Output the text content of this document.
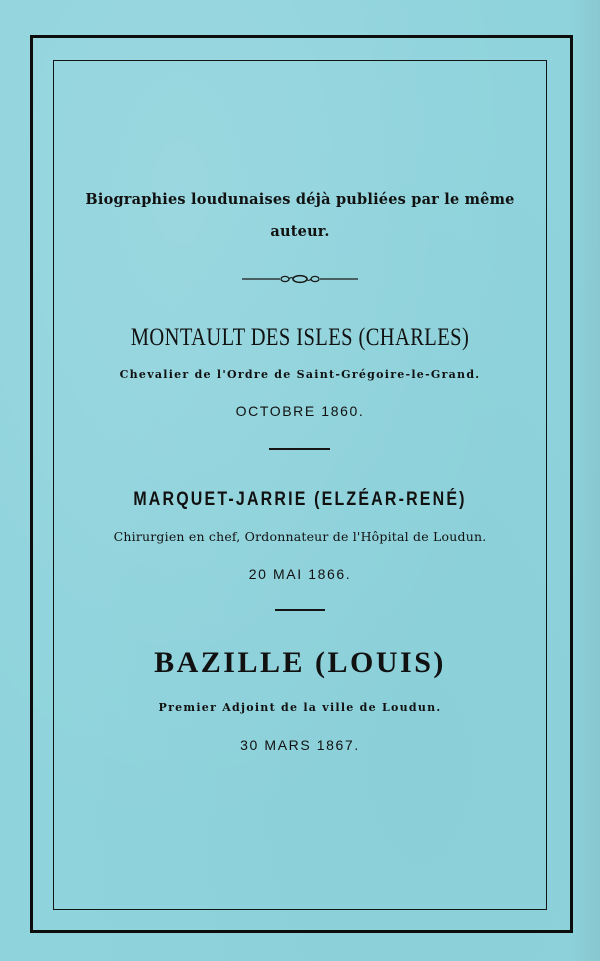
Biographies loudunaises déjà publiées par le même
auteur.
MONTAULT DES ISLES (CHARLES)
Chevalier de l'Ordre de Saint-Grégoire-le-Grand.
OCTOBRE 1860.
MARQUET-JARRIE (ELZÉAR-RENÉ)
Chirurgien en chef, Ordonnateur de l'Hôpital de Loudun.
20 MAI 1866.
BAZILLE (LOUIS)
Premier Adjoint de la ville de Loudun.
30 MARS 1867.
